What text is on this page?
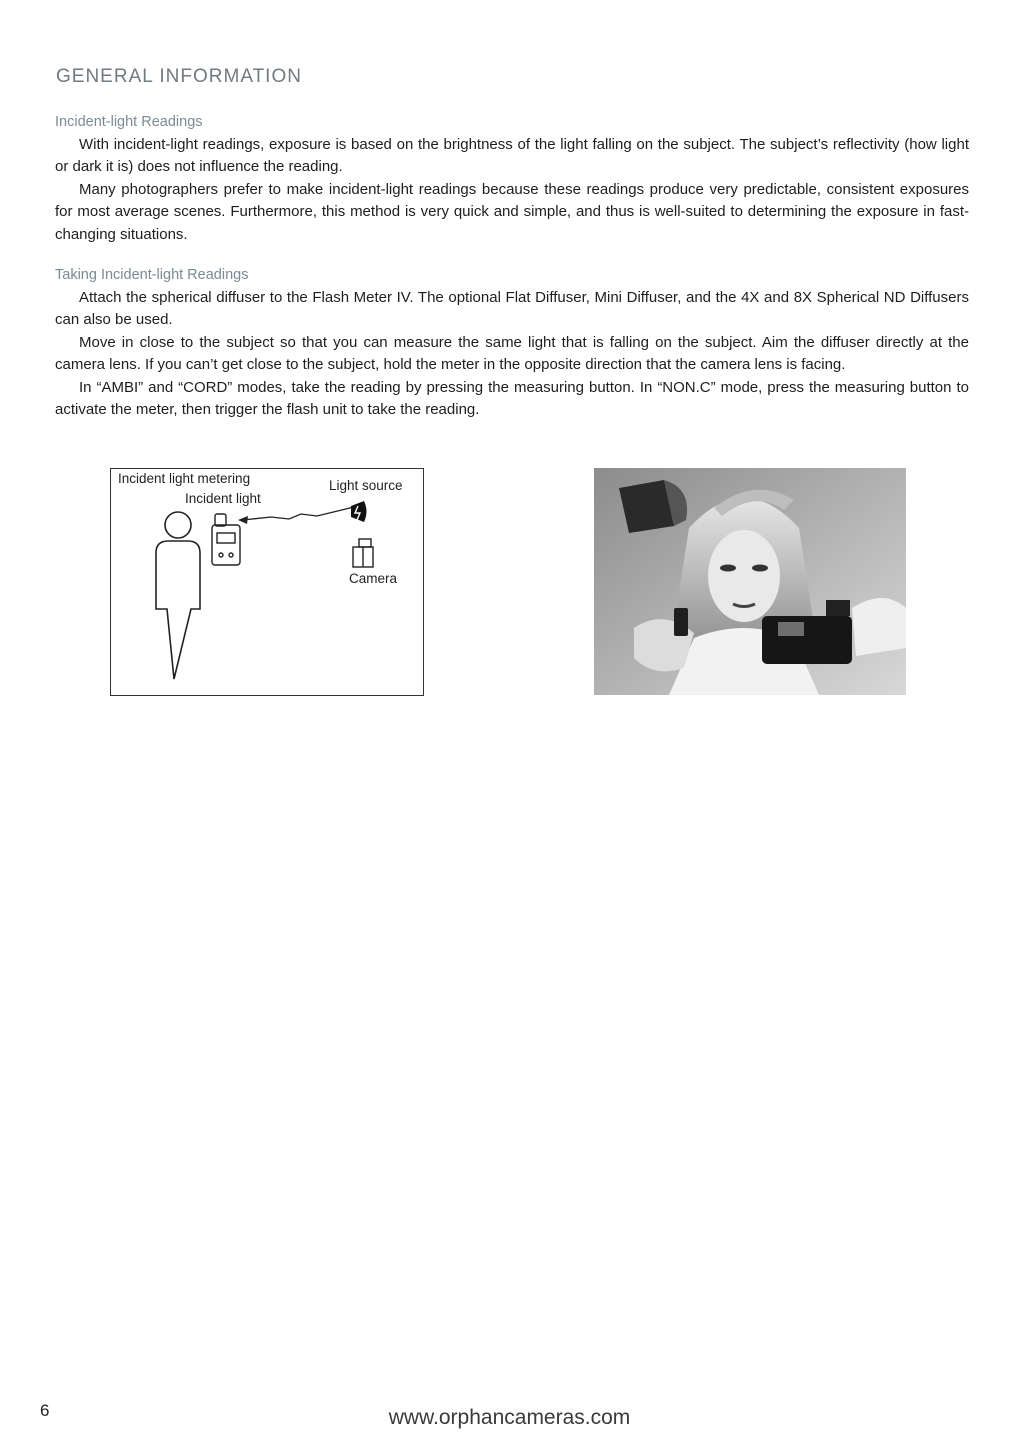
GENERAL INFORMATION
Incident-light Readings

With incident-light readings, exposure is based on the brightness of the light falling on the subject. The subject’s reflectivity (how light or dark it is) does not influence the reading.

Many photographers prefer to make incident-light readings because these readings produce very predictable, consistent exposures for most average scenes. Furthermore, this method is very quick and simple, and thus is well-suited to determining the exposure in fast-changing situations.

Taking Incident-light Readings

Attach the spherical diffuser to the Flash Meter IV. The optional Flat Diffuser, Mini Diffuser, and the 4X and 8X Spherical ND Diffusers can also be used.

Move in close to the subject so that you can measure the same light that is falling on the subject. Aim the diffuser directly at the camera lens. If you can’t get close to the subject, hold the meter in the opposite direction that the camera lens is facing.

In “AMBI” and “CORD” modes, take the reading by pressing the measuring button. In “NON.C” mode, press the measuring button to activate the meter, then trigger the flash unit to take the reading.

Incident light metering
Incident light
Light source
Camera
6	www.orphancameras.com
